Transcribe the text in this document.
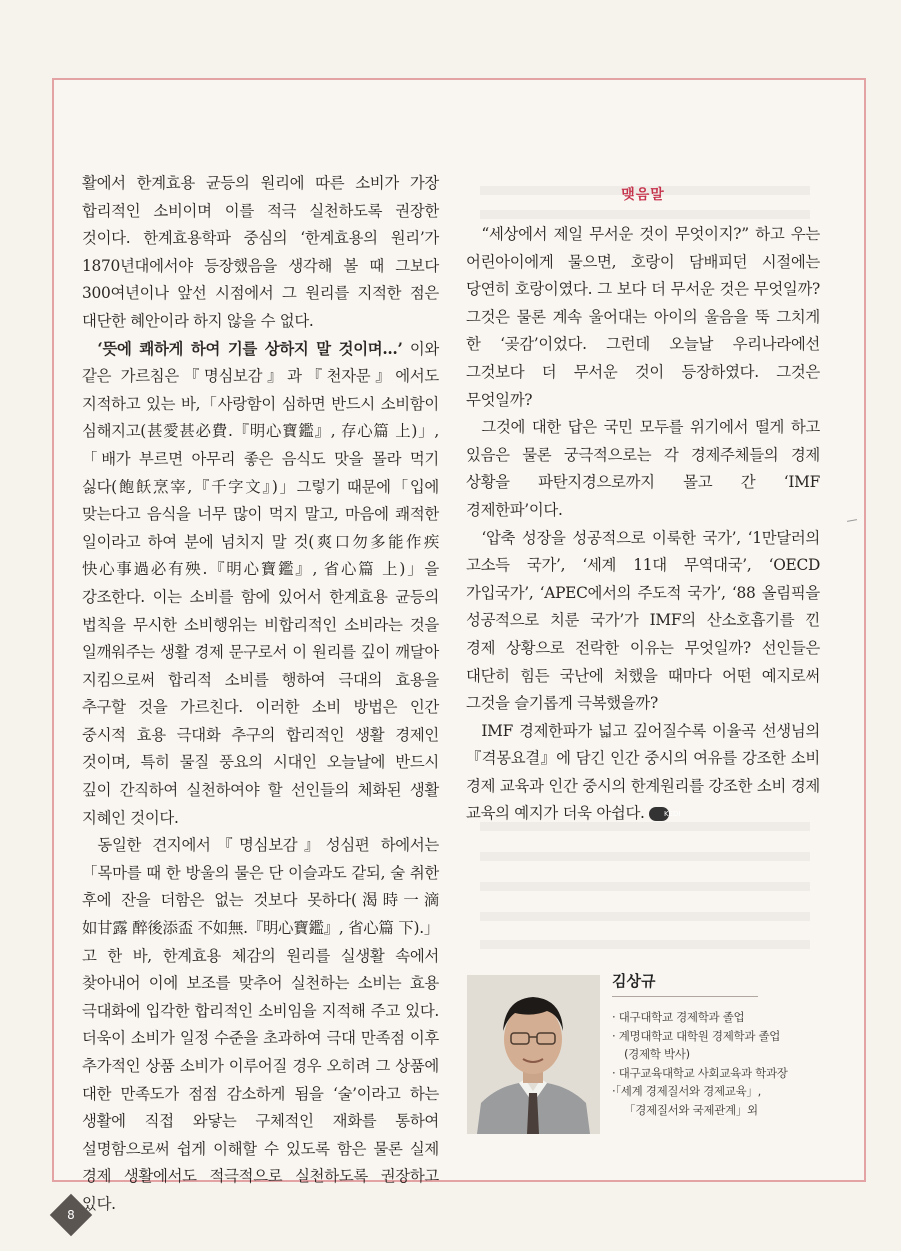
활에서 한계효용 균등의 원리에 따른 소비가 가장 합리적인 소비이며 이를 적극 실천하도록 권장한 것이다. 한계효용학파 중심의 ‘한계효용의 원리’가 1870년대에서야 등장했음을 생각해 볼 때 그보다 300여년이나 앞선 시점에서 그 원리를 지적한 점은 대단한 혜안이라 하지 않을 수 없다.

‘뜻에 쾌하게 하여 기를 상하지 말 것이며…’ 이와 같은 가르침은『명심보감』과『천자문』에서도 지적하고 있는 바,「사랑함이 심하면 반드시 소비함이 심해지고(甚愛甚必費.『明心寶鑑』, 存心篇 上)」,「배가 부르면 아무리 좋은 음식도 맛을 몰라 먹기 싫다(飽飫烹宰,『千字文』)」그렇기 때문에「입에 맞는다고 음식을 너무 많이 먹지 말고, 마음에 쾌적한 일이라고 하여 분에 넘치지 말 것(爽口勿多能作疾 快心事過必有殃.『明心寶鑑』, 省心篇 上)」을 강조한다. 이는 소비를 함에 있어서 한계효용 균등의 법칙을 무시한 소비행위는 비합리적인 소비라는 것을 일깨워주는 생활 경제 문구로서 이 원리를 깊이 깨달아 지킴으로써 합리적 소비를 행하여 극대의 효용을 추구할 것을 가르친다. 이러한 소비 방법은 인간 중시적 효용 극대화 추구의 합리적인 생활 경제인 것이며, 특히 물질 풍요의 시대인 오늘날에 반드시 깊이 간직하여 실천하여야 할 선인들의 체화된 생활 지혜인 것이다.

동일한 견지에서『명심보감』성심편 하에서는「목마를 때 한 방울의 물은 단 이슬과도 같되, 술 취한 후에 잔을 더함은 없는 것보다 못하다(渴時一滴 如甘露 醉後添盃 不如無.『明心寶鑑』, 省心篇 下).」고 한 바, 한계효용 체감의 원리를 실생활 속에서 찾아내어 이에 보조를 맞추어 실천하는 소비는 효용 극대화에 입각한 합리적인 소비임을 지적해 주고 있다. 더욱이 소비가 일정 수준을 초과하여 극대 만족점 이후 추가적인 상품 소비가 이루어질 경우 오히려 그 상품에 대한 만족도가 점점 감소하게 됨을 ‘술’이라고 하는 생활에 직접 와닿는 구체적인 재화를 통하여 설명함으로써 쉽게 이해할 수 있도록 함은 물론 실제 경제 생활에서도 적극적으로 실천하도록 권장하고 있다.

맺음말

“세상에서 제일 무서운 것이 무엇이지?” 하고 우는 어린아이에게 물으면, 호랑이 담배피던 시절에는 당연히 호랑이였다. 그 보다 더 무서운 것은 무엇일까? 그것은 물론 계속 울어대는 아이의 울음을 뚝 그치게 한 ‘곶감’이었다. 그런데 오늘날 우리나라에선 그것보다 더 무서운 것이 등장하였다. 그것은 무엇일까?

그것에 대한 답은 국민 모두를 위기에서 떨게 하고 있음은 물론 궁극적으로는 각 경제주체들의 경제 상황을 파탄지경으로까지 몰고 간 ‘IMF 경제한파’이다.

‘압축 성장을 성공적으로 이룩한 국가’, ‘1만달러의 고소득 국가’, ‘세계 11대 무역대국’, ‘OECD 가입국가’, ‘APEC에서의 주도적 국가’, ‘88 올림픽을 성공적으로 치룬 국가’가 IMF의 산소호흡기를 낀 경제 상황으로 전락한 이유는 무엇일까? 선인들은 대단히 힘든 국난에 처했을 때마다 어떤 예지로써 그것을 슬기롭게 극복했을까?

IMF 경제한파가 넓고 깊어질수록 이율곡 선생님의『격몽요결』에 담긴 인간 중시의 여유를 강조한 소비 경제 교육과 인간 중시의 한계원리를 강조한 소비 경제 교육의 예지가 더욱 아쉽다.	KEDI

김상규
· 대구대학교 경제학과 졸업
· 계명대학교 대학원 경제학과 졸업
(경제학 박사)
· 대구교육대학교 사회교육과 학과장
·「세계 경제질서와 경제교육」,
「경제질서와 국제관계」외
8
